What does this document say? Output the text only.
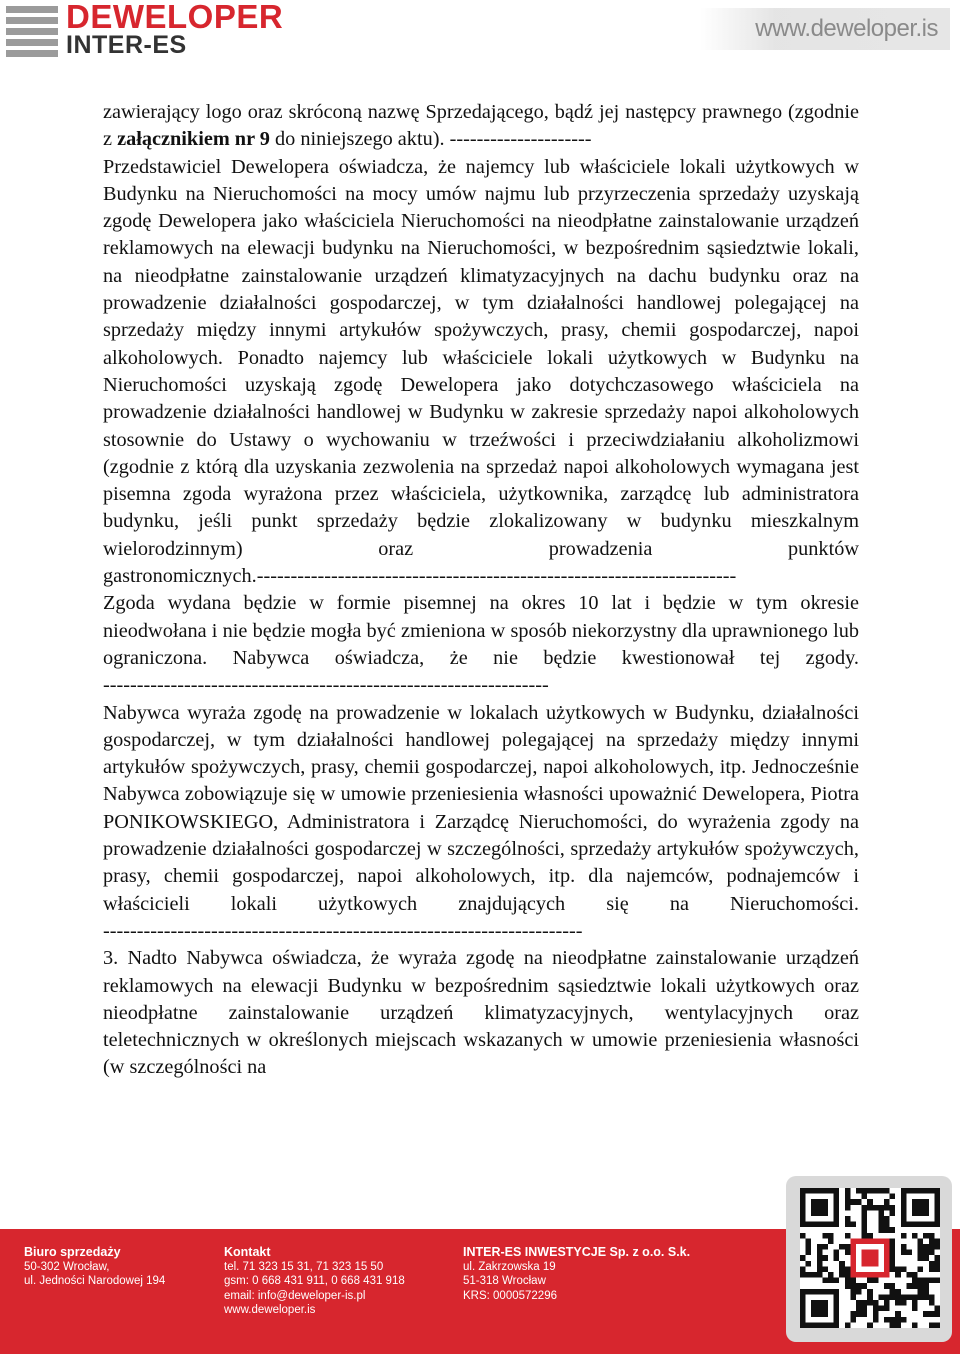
DEWELOPER
INTER-ES
www.deweloper.is

zawierający logo oraz skróconą nazwę Sprzedającego, bądź jej następcy prawnego (zgodnie z załącznikiem nr 9 do niniejszego aktu). ---------------------

Przedstawiciel Dewelopera oświadcza, że najemcy lub właściciele lokali użytkowych w Budynku na Nieruchomości na mocy umów najmu lub przyrzeczenia sprzedaży uzyskają zgodę Dewelopera jako właściciela Nieruchomości na nieodpłatne zainstalowanie urządzeń reklamowych na elewacji budynku na Nieruchomości, w bezpośrednim sąsiedztwie lokali, na nieodpłatne zainstalowanie urządzeń klimatyzacyjnych na dachu budynku oraz na prowadzenie działalności gospodarczej, w tym działalności handlowej polegającej na sprzedaży między innymi artykułów spożywczych, prasy, chemii gospodarczej, napoi alkoholowych. Ponadto najemcy lub właściciele lokali użytkowych w Budynku na Nieruchomości uzyskają zgodę Dewelopera jako dotychczasowego właściciela na prowadzenie działalności handlowej w Budynku w zakresie sprzedaży napoi alkoholowych stosownie do Ustawy o wychowaniu w trzeźwości i przeciwdziałaniu alkoholizmowi (zgodnie z którą dla uzyskania zezwolenia na sprzedaż napoi alkoholowych wymagana jest pisemna zgoda wyrażona przez właściciela, użytkownika, zarządcę lub administratora budynku, jeśli punkt sprzedaży będzie zlokalizowany w budynku mieszkalnym wielorodzinnym) oraz prowadzenia punktów gastronomicznych.-----------------------------------------------------------------------

Zgoda wydana będzie w formie pisemnej na okres 10 lat i będzie w tym okresie nieodwołana i nie będzie mogła być zmieniona w sposób niekorzystny dla uprawnionego lub ograniczona. Nabywca oświadcza, że nie będzie kwestionował tej zgody. ------------------------------------------------------------------

Nabywca wyraża zgodę na prowadzenie w lokalach użytkowych w Budynku, działalności gospodarczej, w tym działalności handlowej polegającej na sprzedaży między innymi artykułów spożywczych, prasy, chemii gospodarczej, napoi alkoholowych, itp. Jednocześnie Nabywca zobowiązuje się w umowie przeniesienia własności upoważnić Dewelopera, Piotra PONIKOWSKIEGO, Administratora i Zarządcę Nieruchomości, do wyrażenia zgody na prowadzenie działalności gospodarczej w szczególności, sprzedaży artykułów spożywczych, prasy, chemii gospodarczej, napoi alkoholowych, itp. dla najemców, podnajemców i właścicieli lokali użytkowych znajdujących się na Nieruchomości. -----------------------------------------------------------------------

3. Nadto Nabywca oświadcza, że wyraża zgodę na nieodpłatne zainstalowanie urządzeń reklamowych na elewacji Budynku w bezpośrednim sąsiedztwie lokali użytkowych oraz nieodpłatne zainstalowanie urządzeń klimatyzacyjnych, wentylacyjnych oraz teletechnicznych w określonych miejscach wskazanych w umowie przeniesienia własności (w szczególności na

Biuro sprzedaży
50-302 Wrocław,
ul. Jedności Narodowej 194
Kontakt
tel. 71 323 15 31, 71 323 15 50
gsm: 0 668 431 911, 0 668 431 918
email: info@deweloper-is.pl
www.deweloper.is
INTER-ES INWESTYCJE Sp. z o.o. S.k.
ul. Zakrzowska 19
51-318 Wrocław
KRS: 0000572296
